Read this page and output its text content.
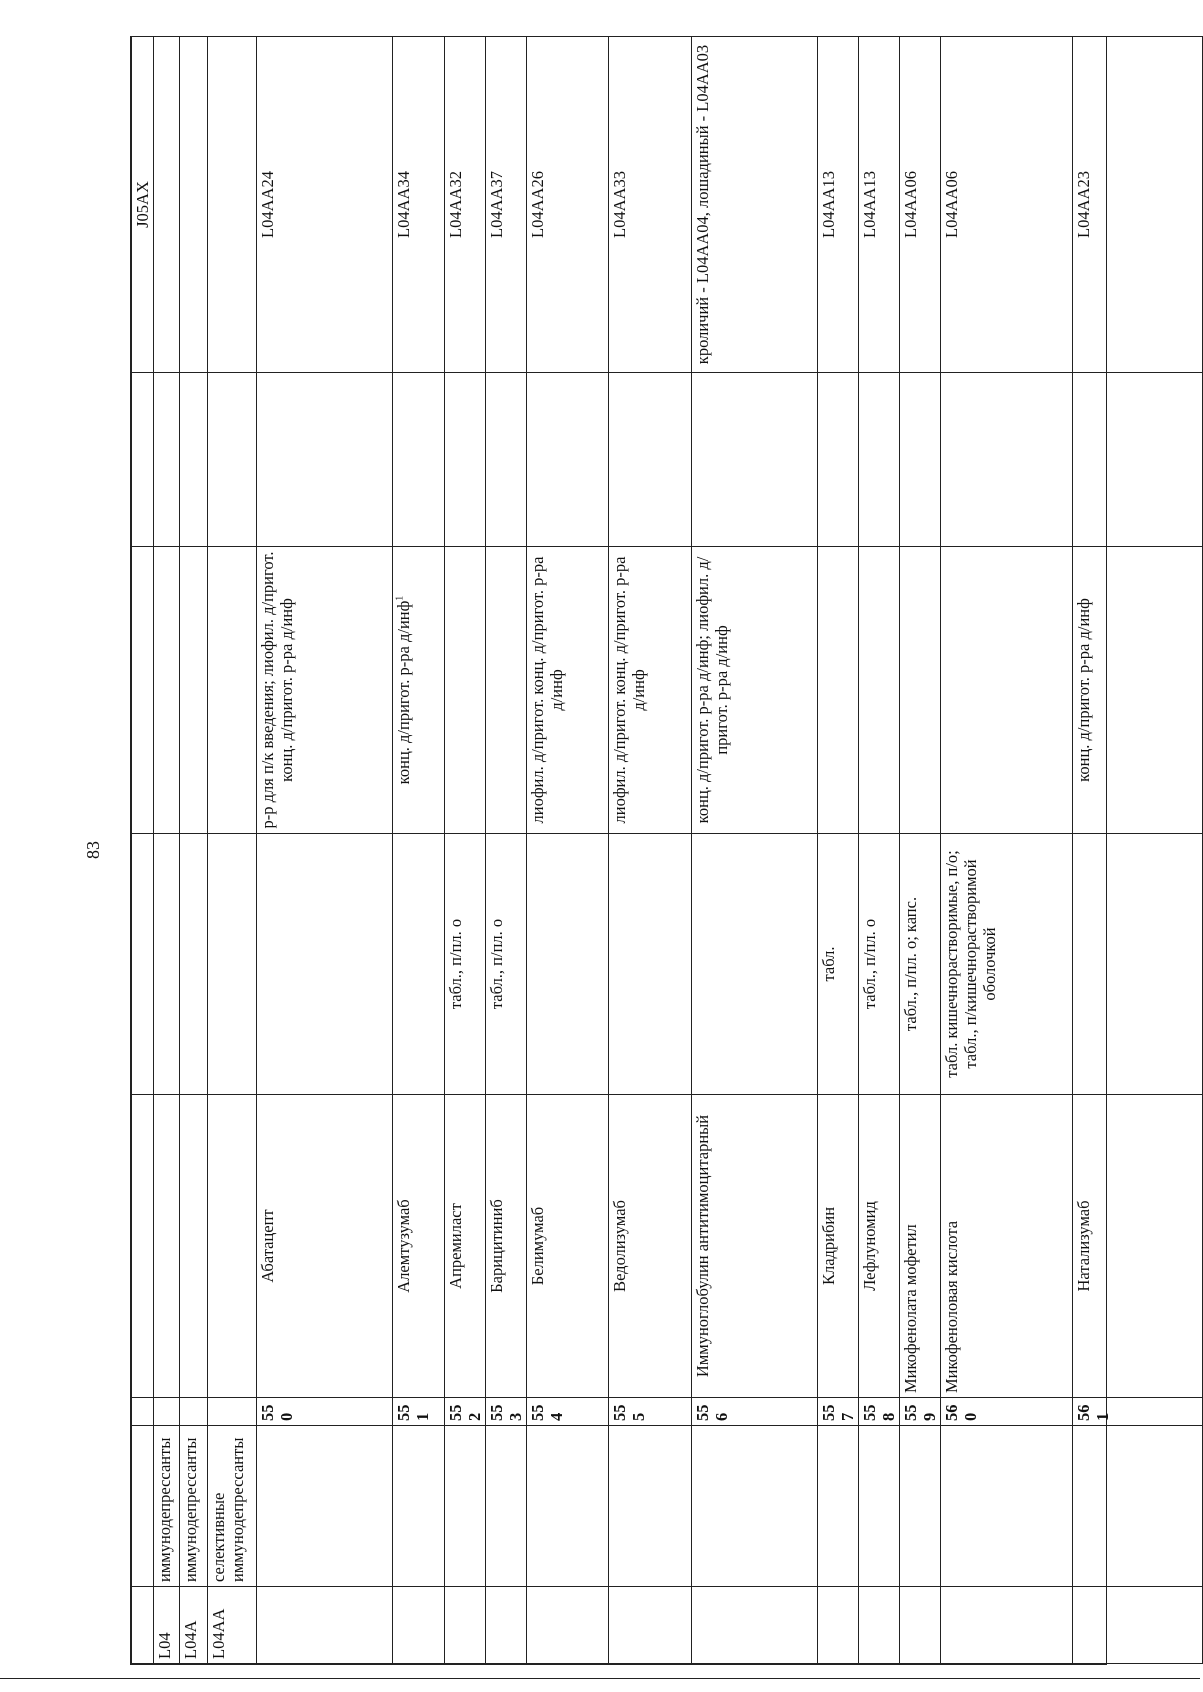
83
							J05AX
L04	иммунодепрессанты						
L04A	иммунодепрессанты						
L04AA	селективные иммунодепрессанты						
		550	Абатацепт		р-р для п/к введения; лиофил. д/пригот. конц. д/пригот. р-ра д/инф		L04AA24
		551	Алемтузумаб		конц. д/пригот. р-ра д/инф$^1$		L04AA34
		552	Апремиласт	табл., п/пл. о			L04AA32
		553	Барицитиниб	табл., п/пл. о			L04AA37
		554	Белимумаб		лиофил. д/пригот. конц. д/пригот. р-ра д/инф		L04AA26
		555	Ведолизумаб		лиофил. д/пригот. конц. д/пригот. р-ра д/инф		L04AA33
		556	Иммуноглобулин антитимоцитарный		конц. д/пригот. р-ра д/инф; лиофил. д/пригот. р-ра д/инф		кроличий - L04AA04, лошадиный - L04AA03
		557	Кладрибин	табл.			L04AA13
		558	Лефлуномид	табл., п/пл. о			L04AA13
		559	Микофенолата мофетил	табл., п/пл. о; капс.			L04AA06
		560	Микофеноловая кислота	табл. кишечнорастворимые, п/о; табл., п/кишечнорастворимой оболочкой			L04AA06
		561	Натализумаб		конц. д/пригот. р-ра д/инф		L04AA23
